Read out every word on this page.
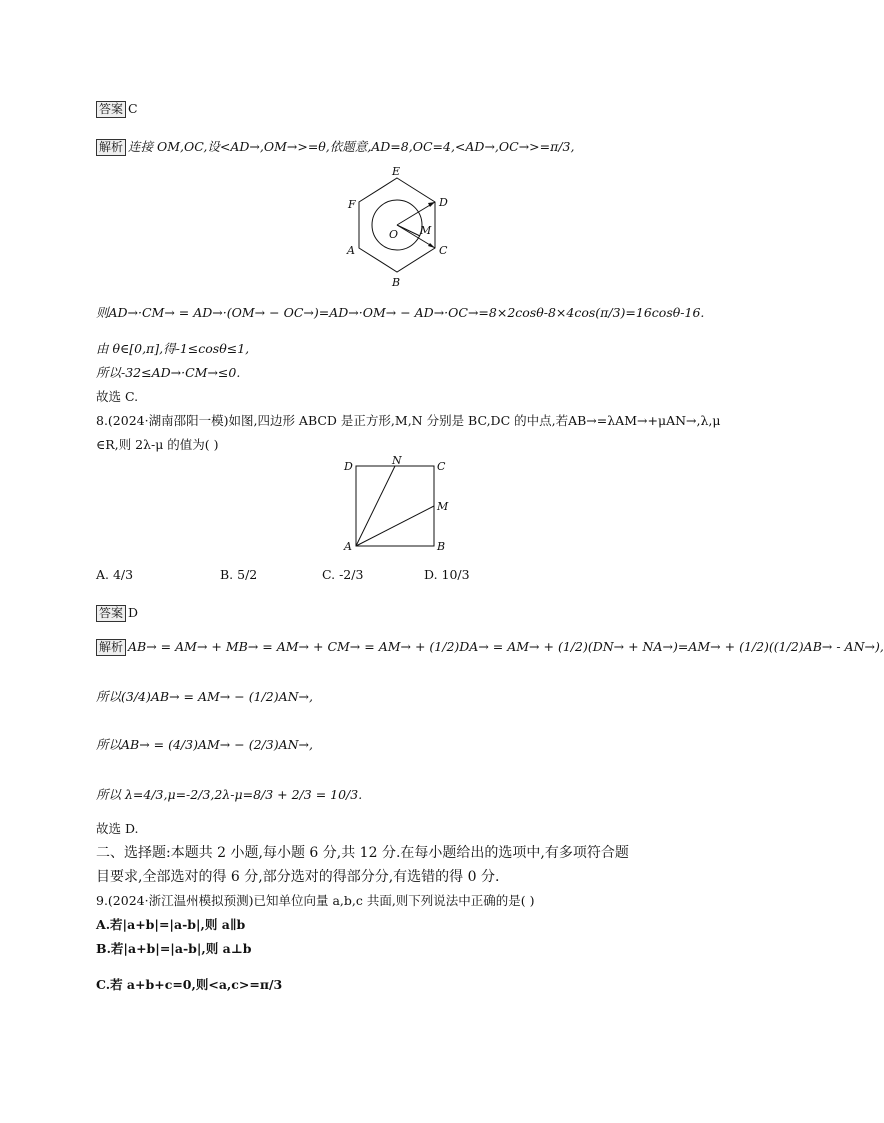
答案 C
解析 连接 OM,OC,设<AD→,OM→>=θ,依题意,AD=8,OC=4,<AD→,OC→>=π/3,
E
D
F
O M
A	C
B
则AD→·CM→ = AD→·(OM→ − OC→)=AD→·OM→ − AD→·OC→=8×2cosθ-8×4cos(π/3)=16cosθ-16.
由 θ∈[0,π],得-1≤cosθ≤1,
所以-32≤AD→·CM→≤0.
故选 C.
8.(2024·湖南邵阳一模)如图,四边形 ABCD 是正方形,M,N 分别是 BC,DC 的中点,若AB→=λAM→+μAN→,λ,μ
∈R,则 2λ-μ 的值为( )
D	N	C
M
A	B
A. 4/3	B. 5/2	C. -2/3	D. 10/3
答案 D
解析 AB→ = AM→ + MB→ = AM→ + CM→ = AM→ + (1/2)DA→ = AM→ + (1/2)(DN→ + NA→)=AM→ + (1/2)((1/2)AB→ - AN→),
所以(3/4)AB→ = AM→ − (1/2)AN→,
所以AB→ = (4/3)AM→ − (2/3)AN→,
所以 λ=4/3,μ=-2/3,2λ-μ=8/3 + 2/3 = 10/3.
故选 D.
二、选择题:本题共 2 小题,每小题 6 分,共 12 分.在每小题给出的选项中,有多项符合题
目要求,全部选对的得 6 分,部分选对的得部分分,有选错的得 0 分.
9.(2024·浙江温州模拟预测)已知单位向量 a,b,c 共面,则下列说法中正确的是( )
A.若|a+b|=|a-b|,则 a∥b
B.若|a+b|=|a-b|,则 a⊥b
C.若 a+b+c=0,则<a,c>=π/3
